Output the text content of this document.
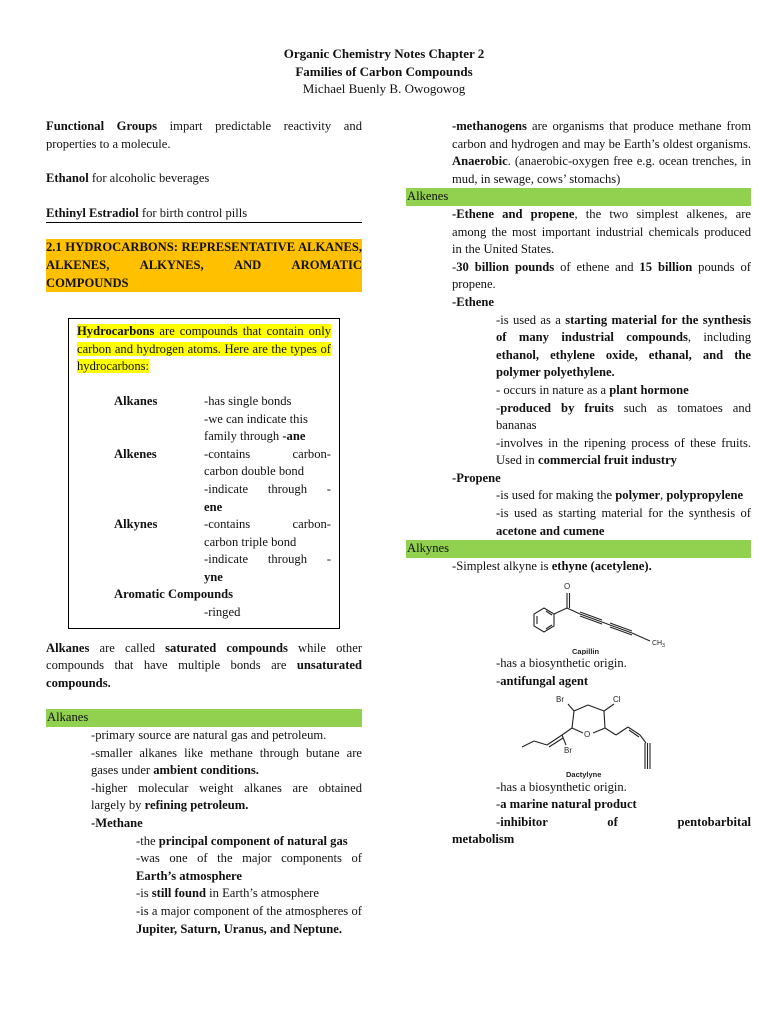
Organic Chemistry Notes Chapter 2
Families of Carbon Compounds
Michael Buenly B. Owogowog

Functional Groups impart predictable reactivity and properties to a molecule.

Ethanol for alcoholic beverages

Ethinyl Estradiol for birth control pills

2.1 HYDROCARBONS: REPRESENTATIVE ALKANES, ALKENES, ALKYNES, AND AROMATIC COMPOUNDS

Hydrocarbons are compounds that contain only carbon and hydrogen atoms. Here are the types of hydrocarbons:

Alkanes	-has single bonds
-we can indicate this
family through -ane
Alkenes	-contains carbon-
carbon double bond
-indicate through -
ene
Alkynes	-contains carbon-
carbon triple bond
-indicate through -
yne
Aromatic Compounds
-ringed

Alkanes are called saturated compounds while other compounds that have multiple bonds are unsaturated compounds.

Alkanes

-primary source are natural gas and petroleum.

-smaller alkanes like methane through butane are gases under ambient conditions.

-higher molecular weight alkanes are obtained largely by refining petroleum.

-Methane

-the principal component of natural gas

-was one of the major components of Earth’s atmosphere

-is still found in Earth’s atmosphere

-is a major component of the atmospheres of Jupiter, Saturn, Uranus, and Neptune.

-methanogens are organisms that produce methane from carbon and hydrogen and may be Earth’s oldest organisms. Anaerobic. (anaerobic-oxygen free e.g. ocean trenches, in mud, in sewage, cows’ stomachs)

Alkenes

-Ethene and propene, the two simplest alkenes, are among the most important industrial chemicals produced in the United States.

-30 billion pounds of ethene and 15 billion pounds of propene.

-Ethene

-is used as a starting material for the synthesis of many industrial compounds, including ethanol, ethylene oxide, ethanal, and the polymer polyethylene.

- occurs in nature as a plant hormone

-produced by fruits such as tomatoes and bananas

-involves in the ripening process of these fruits. Used in commercial fruit industry

-Propene

-is used for making the polymer, polypropylene

-is used as starting material for the synthesis of acetone and cumene

Alkynes

-Simplest alkyne is ethyne (acetylene).

O
$CH_3$
Capillin

-has a biosynthetic origin.

-antifungal agent

Br	Cl
O
Br
Dactylyne

-has a biosynthetic origin.

-a marine natural product

-inhibitor of pentobarbital

metabolism
